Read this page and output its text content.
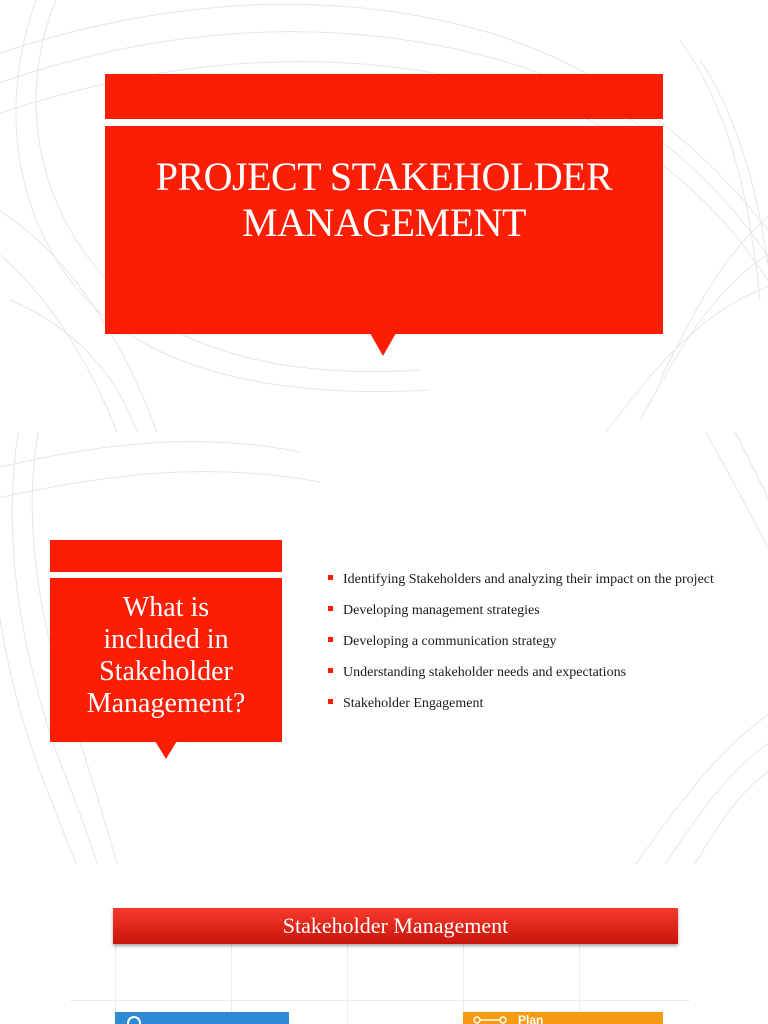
PROJECT STAKEHOLDER
MANAGEMENT
What is
included in
Stakeholder
Management?
Identifying Stakeholders and analyzing their impact on the project
Developing management strategies
Developing a communication strategy
Understanding stakeholder needs and expectations
Stakeholder Engagement
Stakeholder Management
Plan
